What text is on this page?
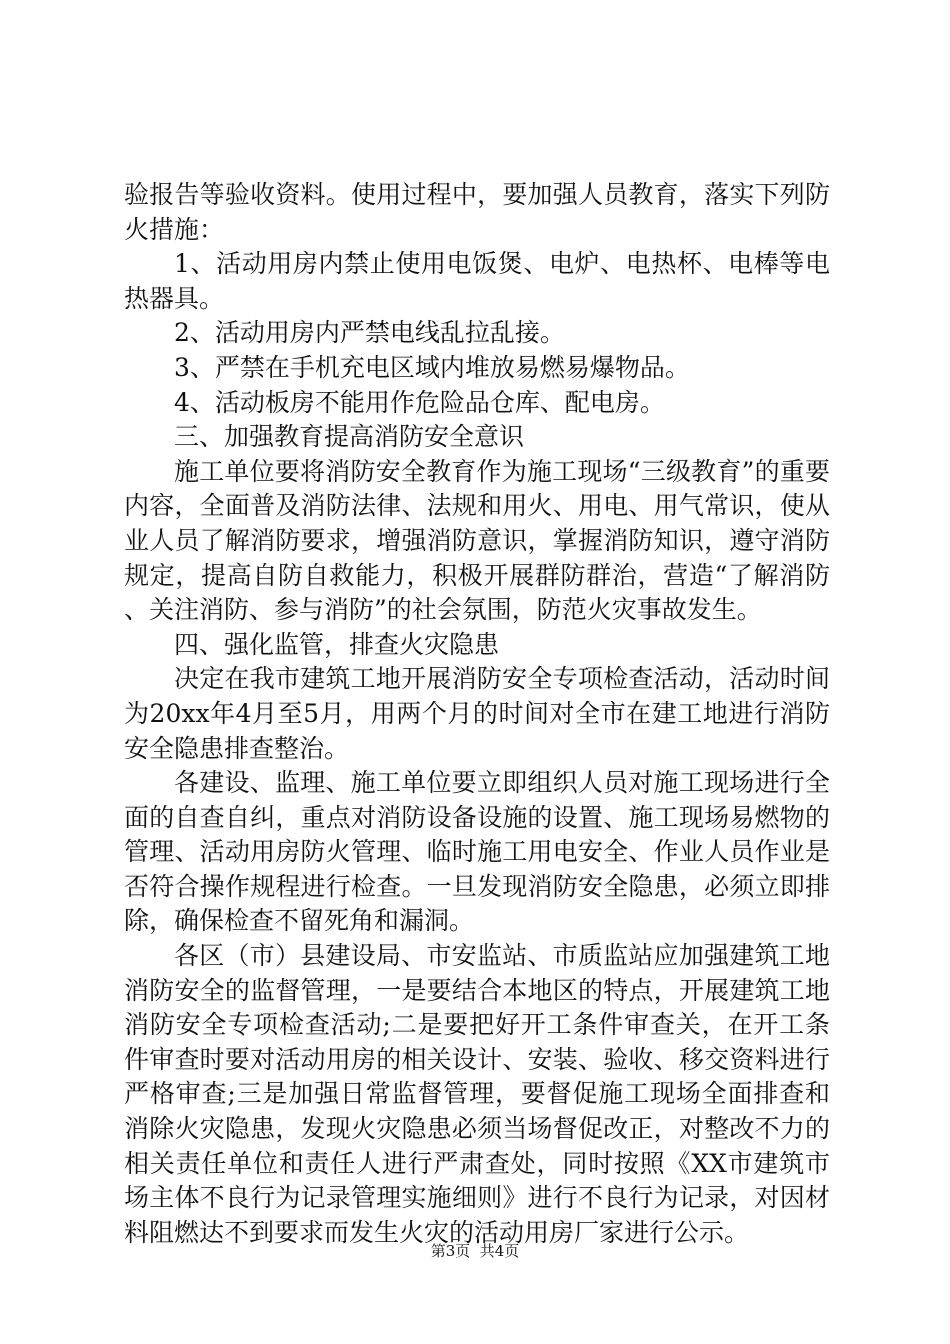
验报告等验收资料。使用过程中，要加强人员教育，落实下列防火措施：

1、活动用房内禁止使用电饭煲、电炉、电热杯、电棒等电热器具。

2、活动用房内严禁电线乱拉乱接。

3、严禁在手机充电区域内堆放易燃易爆物品。

4、活动板房不能用作危险品仓库、配电房。

三、加强教育提高消防安全意识

施工单位要将消防安全教育作为施工现场“三级教育”的重要内容，全面普及消防法律、法规和用火、用电、用气常识，使从业人员了解消防要求，增强消防意识，掌握消防知识，遵守消防规定，提高自防自救能力，积极开展群防群治，营造“了解消防、关注消防、参与消防”的社会氛围，防范火灾事故发生。

四、强化监管，排查火灾隐患

决定在我市建筑工地开展消防安全专项检查活动，活动时间为20xx年4月至5月，用两个月的时间对全市在建工地进行消防安全隐患排查整治。

各建设、监理、施工单位要立即组织人员对施工现场进行全面的自查自纠，重点对消防设备设施的设置、施工现场易燃物的管理、活动用房防火管理、临时施工用电安全、作业人员作业是否符合操作规程进行检查。一旦发现消防安全隐患，必须立即排除，确保检查不留死角和漏洞。

各区（市）县建设局、市安监站、市质监站应加强建筑工地消防安全的监督管理，一是要结合本地区的特点，开展建筑工地消防安全专项检查活动;二是要把好开工条件审查关，在开工条件审查时要对活动用房的相关设计、安装、验收、移交资料进行严格审查;三是加强日常监督管理，要督促施工现场全面排查和消除火灾隐患，发现火灾隐患必须当场督促改正，对整改不力的相关责任单位和责任人进行严肃查处，同时按照《XX市建筑市场主体不良行为记录管理实施细则》进行不良行为记录，对因材料阻燃达不到要求而发生火灾的活动用房厂家进行公示。

第3页  共4页
